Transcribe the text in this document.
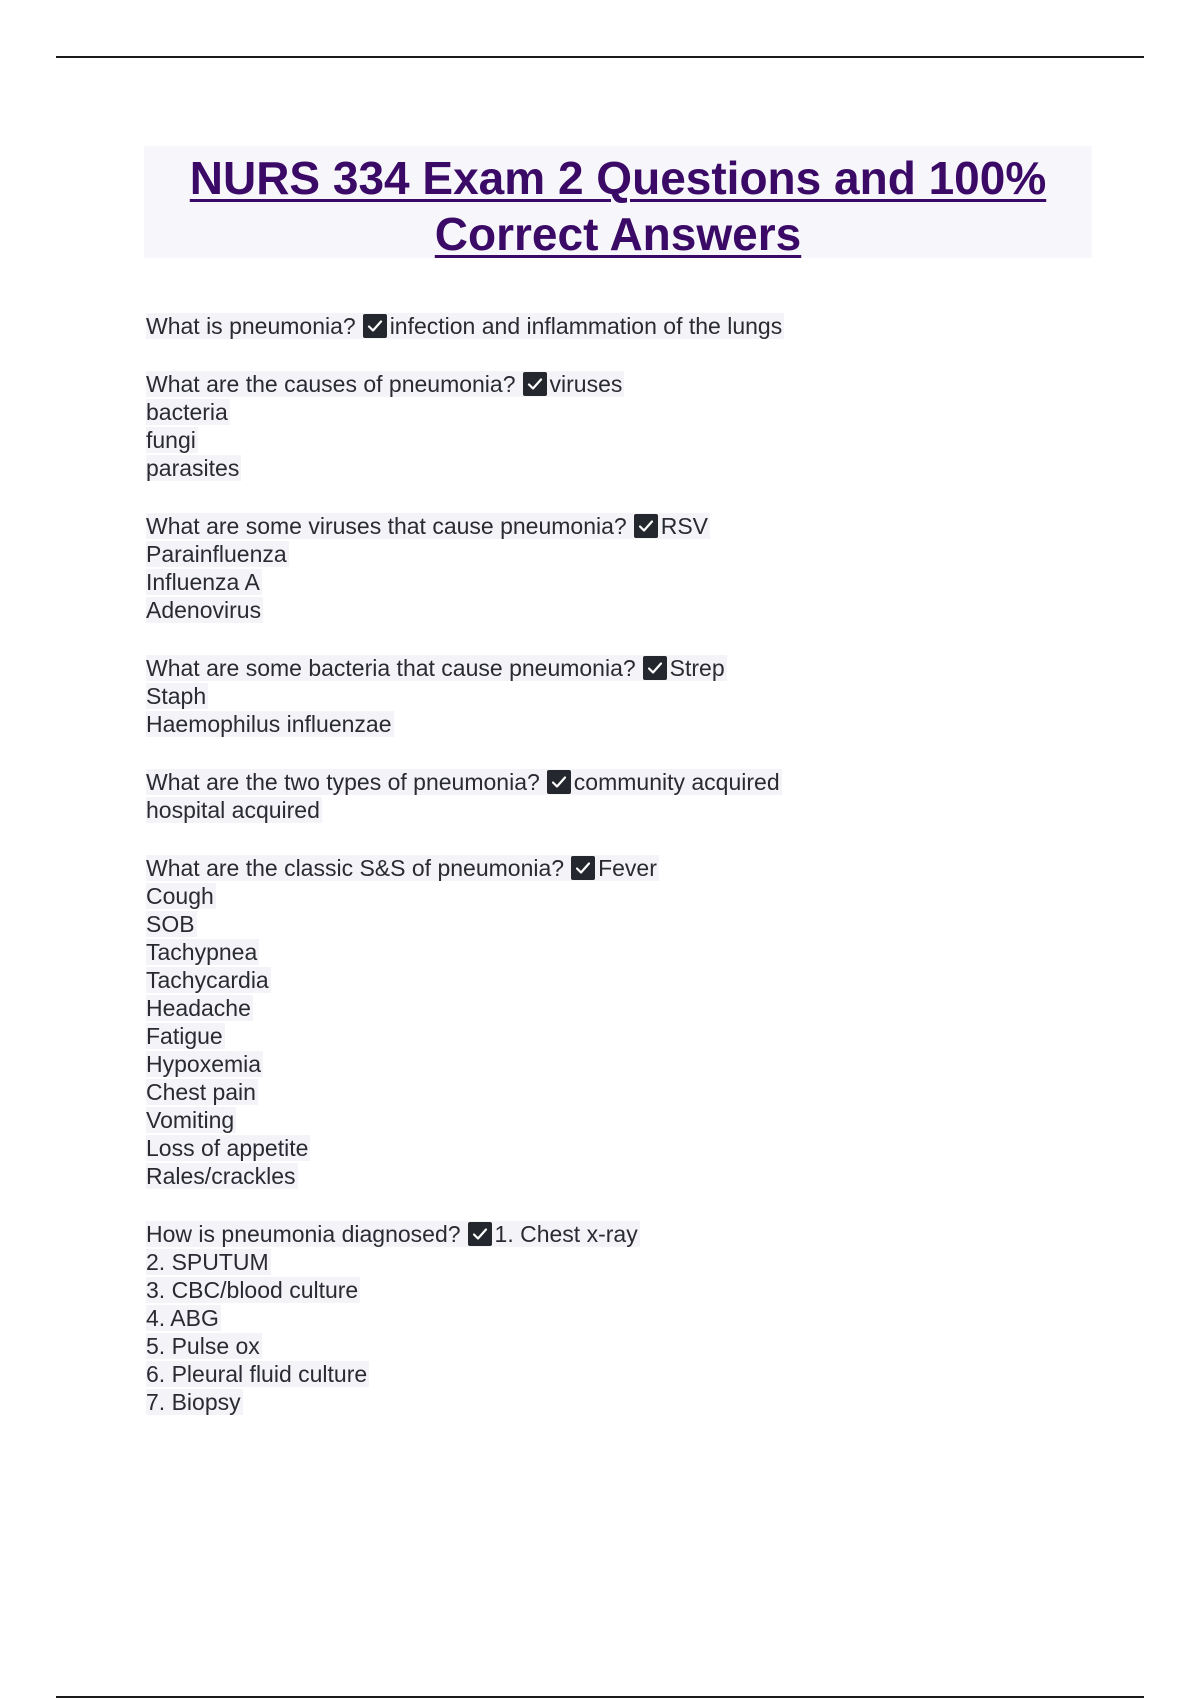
NURS 334 Exam 2 Questions and 100%
Correct Answers
What is pneumonia? infection and inflammation of the lungs
What are the causes of pneumonia? viruses
bacteria
fungi
parasites
What are some viruses that cause pneumonia? RSV
Parainfluenza
Influenza A
Adenovirus
What are some bacteria that cause pneumonia? Strep
Staph
Haemophilus influenzae
What are the two types of pneumonia? community acquired
hospital acquired
What are the classic S&S of pneumonia? Fever
Cough
SOB
Tachypnea
Tachycardia
Headache
Fatigue
Hypoxemia
Chest pain
Vomiting
Loss of appetite
Rales/crackles
How is pneumonia diagnosed? 1. Chest x-ray
2. SPUTUM
3. CBC/blood culture
4. ABG
5. Pulse ox
6. Pleural fluid culture
7. Biopsy
